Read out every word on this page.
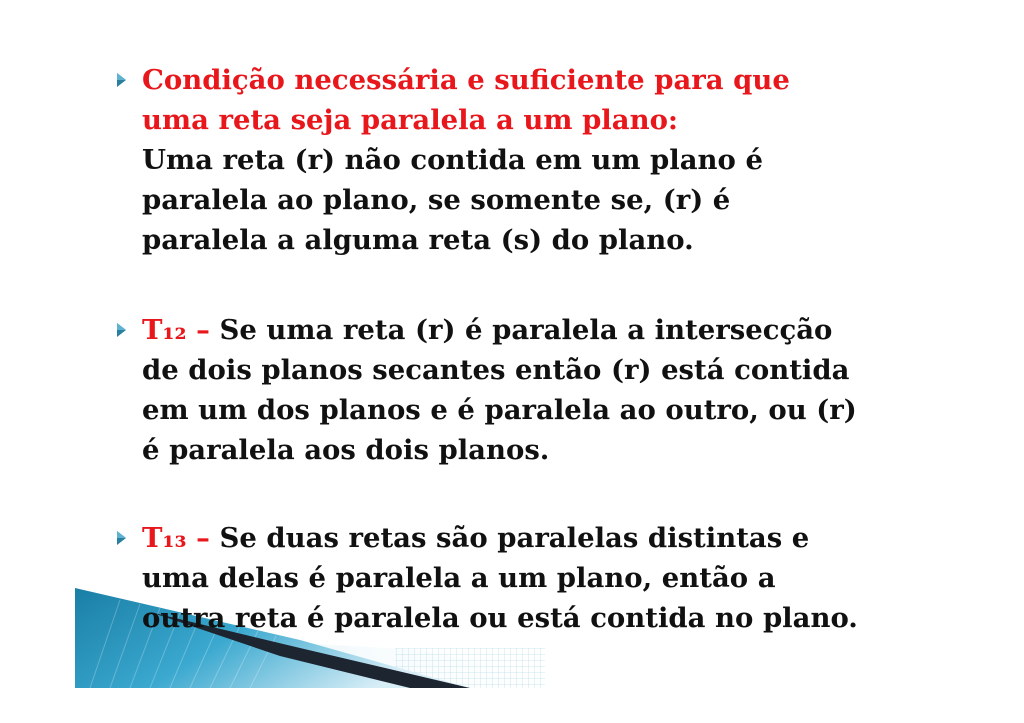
Condição necessária e suficiente para que
uma reta seja paralela a um plano:
Uma reta (r) não contida em um plano é
paralela ao plano, se somente se, (r) é
paralela a alguma reta (s) do plano.
T₁₂ – Se uma reta (r) é paralela a intersecção
de dois planos secantes então (r) está contida
em um dos planos e é paralela ao outro, ou (r)
é paralela aos dois planos.
T₁₃ – Se duas retas são paralelas distintas e
uma delas é paralela a um plano, então a
outra reta é paralela ou está contida no plano.
